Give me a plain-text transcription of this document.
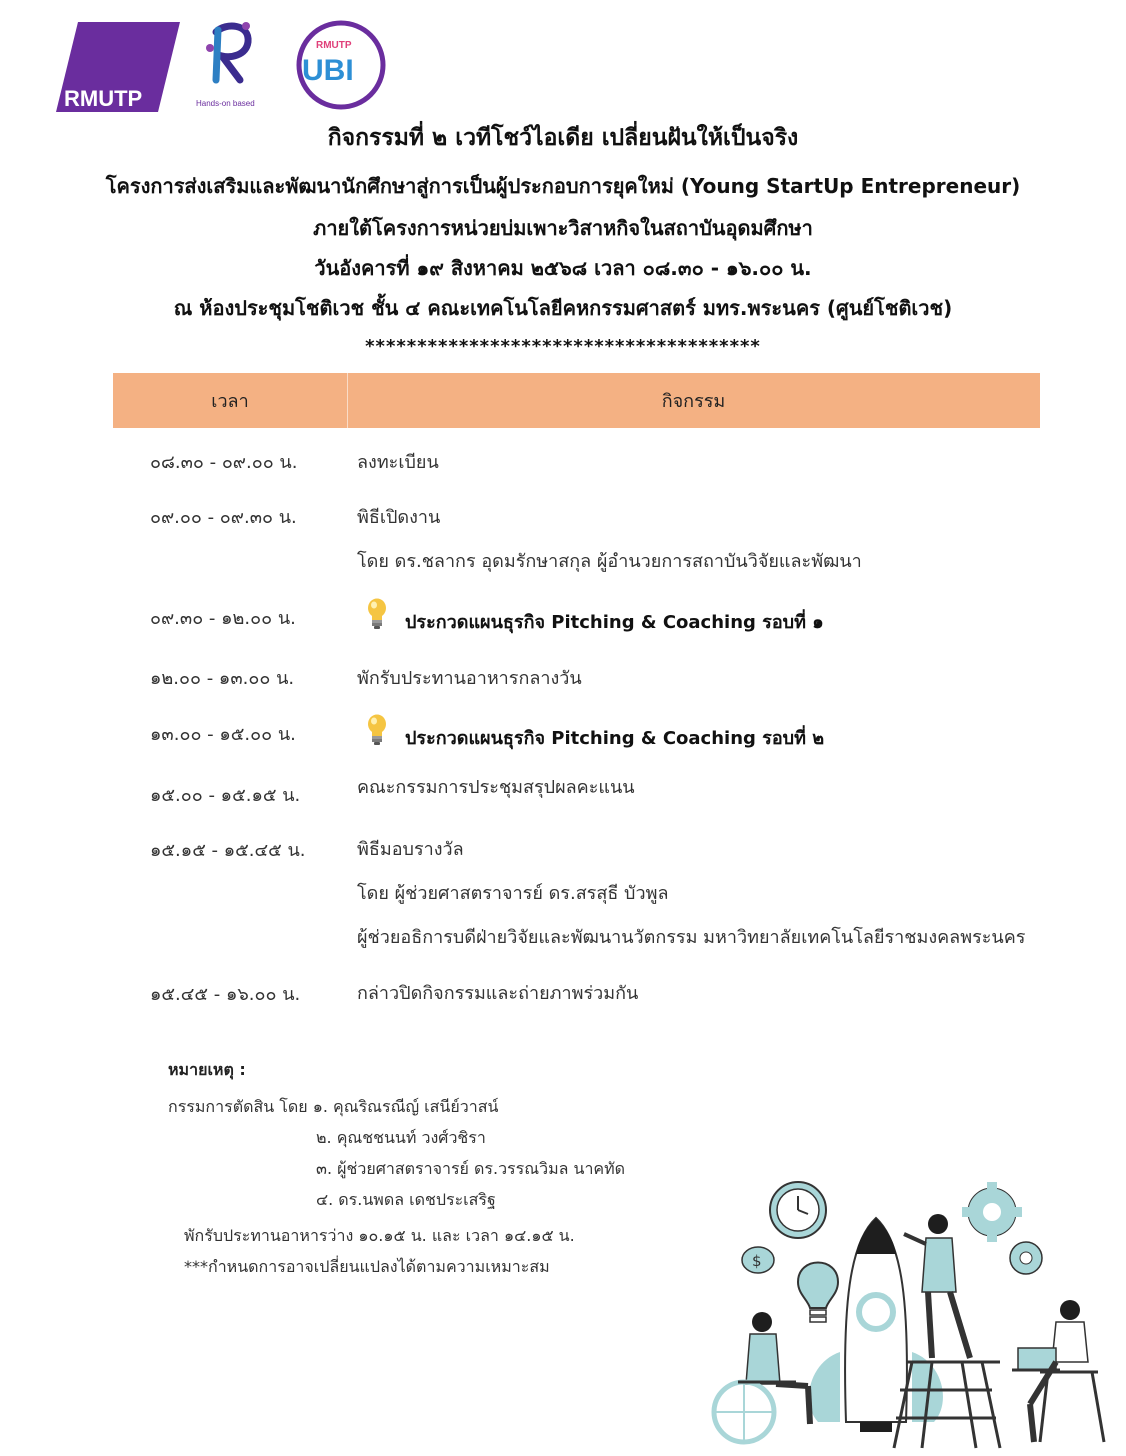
RMUTP	Hands-on based
RMUTP
UBI
กิจกรรมที่ ๒ เวทีโชว์ไอเดีย เปลี่ยนฝันให้เป็นจริง
โครงการส่งเสริมและพัฒนานักศึกษาสู่การเป็นผู้ประกอบการยุคใหม่ (Young StartUp Entrepreneur)
ภายใต้โครงการหน่วยบ่มเพาะวิสาหกิจในสถาบันอุดมศึกษา
วันอังคารที่ ๑๙ สิงหาคม ๒๕๖๘ เวลา ๐๘.๓๐ - ๑๖.๐๐ น.
ณ ห้องประชุมโชติเวช ชั้น ๔ คณะเทคโนโลยีคหกรรมศาสตร์ มทร.พระนคร (ศูนย์โชติเวช)
**************************************
เวลา	กิจกรรม
๐๘.๓๐ - ๐๙.๐๐ น.	ลงทะเบียน
๐๙.๐๐ - ๐๙.๓๐ น.	พิธีเปิดงาน
โดย ดร.ชลากร อุดมรักษาสกุล ผู้อำนวยการสถาบันวิจัยและพัฒนา
๐๙.๓๐ - ๑๒.๐๐ น.	ประกวดแผนธุรกิจ Pitching & Coaching รอบที่ ๑
๑๒.๐๐ - ๑๓.๐๐ น.	พักรับประทานอาหารกลางวัน
๑๓.๐๐ - ๑๕.๐๐ น.	ประกวดแผนธุรกิจ Pitching & Coaching รอบที่ ๒
๑๕.๐๐ - ๑๕.๑๕ น.	คณะกรรมการประชุมสรุปผลคะแนน
๑๕.๑๕ - ๑๕.๔๕ น.	พิธีมอบรางวัล
โดย ผู้ช่วยศาสตราจารย์ ดร.สรสุธี บัวพูล
ผู้ช่วยอธิการบดีฝ่ายวิจัยและพัฒนานวัตกรรม มหาวิทยาลัยเทคโนโลยีราชมงคลพระนคร
๑๕.๔๕ - ๑๖.๐๐ น.	กล่าวปิดกิจกรรมและถ่ายภาพร่วมกัน
หมายเหตุ :
กรรมการตัดสิน โดย ๑. คุณริณรณีญ์ เสนีย์วาสน์
๒. คุณชชนนท์ วงศ์วชิรา
๓. ผู้ช่วยศาสตราจารย์ ดร.วรรณวิมล นาคทัด
๔. ดร.นพดล เดชประเสริฐ
พักรับประทานอาหารว่าง ๑๐.๑๕ น. และ เวลา ๑๔.๑๕ น.
***กำหนดการอาจเปลี่ยนแปลงได้ตามความเหมาะสม	$
